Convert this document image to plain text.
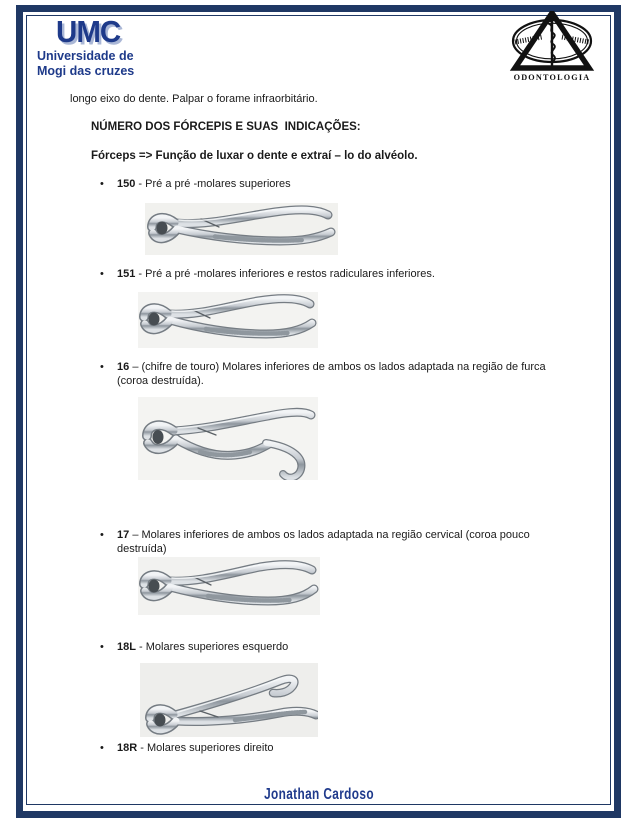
UMC
Universidade de
Mogi das cruzes	ODONTOLOGIA
longo eixo do dente. Palpar o forame infraorbitário.
NÚMERO DOS FÓRCEPIS E SUAS  INDICAÇÕES:
Fórceps => Função de luxar o dente e extraí – lo do alvéolo.
•	150 - Pré a pré -molares superiores
•	151 - Pré a pré -molares inferiores e restos radiculares inferiores.
•	16 – (chifre de touro) Molares inferiores de ambos os lados adaptada na região de furca (coroa destruída).
•	17 – Molares inferiores de ambos os lados adaptada na região cervical (coroa pouco destruída)
•	18L - Molares superiores esquerdo
•	18R - Molares superiores direito
Jonathan Cardoso
